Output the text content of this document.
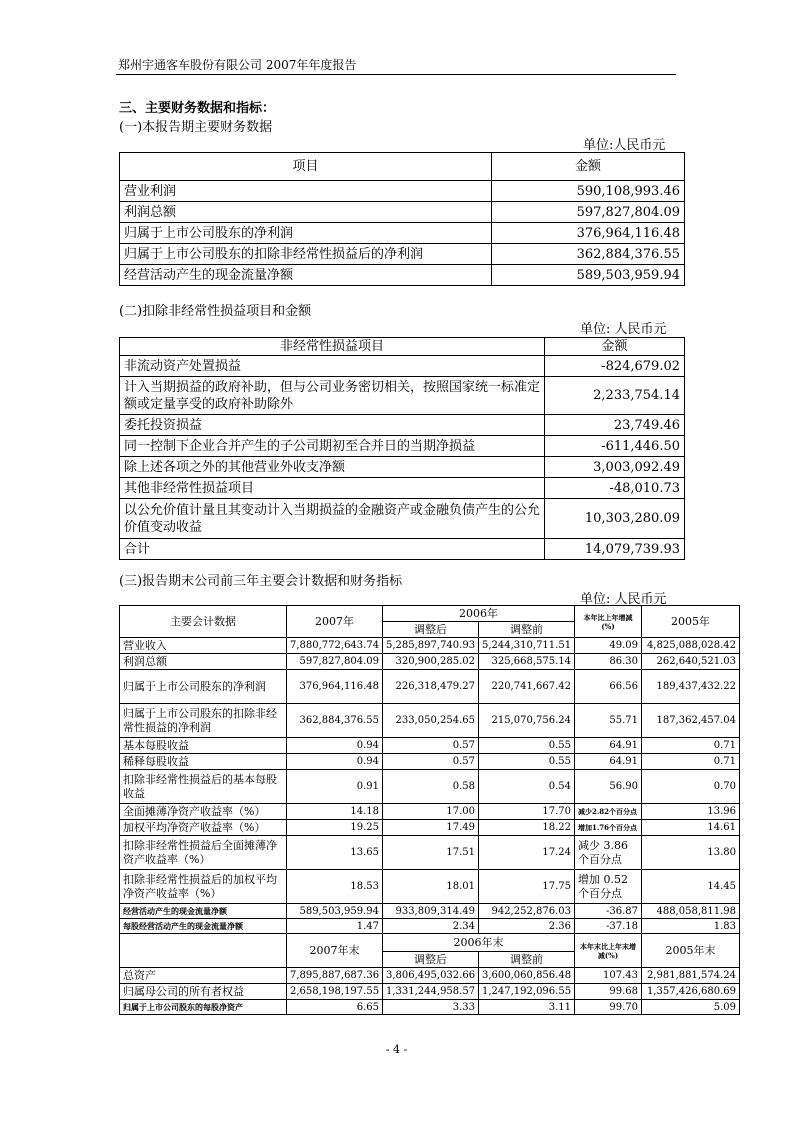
郑州宇通客车股份有限公司 2007年年度报告
三、主要财务数据和指标：
(一)本报告期主要财务数据
单位:人民币元
项目	金额
营业利润	590,108,993.46
利润总额	597,827,804.09
归属于上市公司股东的净利润	376,964,116.48
归属于上市公司股东的扣除非经常性损益后的净利润	362,884,376.55
经营活动产生的现金流量净额	589,503,959.94
(二)扣除非经常性损益项目和金额
单位: 人民币元
非经常性损益项目	金额
非流动资产处置损益	-824,679.02
计入当期损益的政府补助，但与公司业务密切相关，按照国家统一标准定额或定量享受的政府补助除外	2,233,754.14
委托投资损益	23,749.46
同一控制下企业合并产生的子公司期初至合并日的当期净损益	-611,446.50
除上述各项之外的其他营业外收支净额	3,003,092.49
其他非经常性损益项目	-48,010.73
以公允价值计量且其变动计入当期损益的金融资产或金融负债产生的公允价值变动收益	10,303,280.09
合计	14,079,739.93
(三)报告期末公司前三年主要会计数据和财务指标
单位: 人民币元
主要会计数据	2007年	2006年		本年比上年增减(%)	2005年
		调整后	调整前		
营业收入	7,880,772,643.74	5,285,897,740.93	5,244,310,711.51	49.09	4,825,088,028.42
利润总额	597,827,804.09	320,900,285.02	325,668,575.14	86.30	262,640,521.03
归属于上市公司股东的净利润	376,964,116.48	226,318,479.27	220,741,667.42	66.56	189,437,432.22
归属于上市公司股东的扣除非经常性损益的净利润	362,884,376.55	233,050,254.65	215,070,756.24	55.71	187,362,457.04
基本每股收益	0.94	0.57	0.55	64.91	0.71
稀释每股收益	0.94	0.57	0.55	64.91	0.71
扣除非经常性损益后的基本每股收益	0.91	0.58	0.54	56.90	0.70
全面摊薄净资产收益率（%）	14.18	17.00	17.70	减少2.82个百分点	13.96
加权平均净资产收益率（%）	19.25	17.49	18.22	增加1.76个百分点	14.61
扣除非经常性损益后全面摊薄净资产收益率（%）	13.65	17.51	17.24	减少 3.86 个百分点	13.80
扣除非经常性损益后的加权平均净资产收益率（%）	18.53	18.01	17.75	增加 0.52 个百分点	14.45
经营活动产生的现金流量净额	589,503,959.94	933,809,314.49	942,252,876.03	-36.87	488,058,811.98
每股经营活动产生的现金流量净额	1.47	2.34	2.36	-37.18	1.83
	2007年末	2006年末		本年末比上年末增减(%)	2005年末
		调整后	调整前		
总资产	7,895,887,687.36	3,806,495,032.66	3,600,060,856.48	107.43	2,981,881,574.24
归属母公司的所有者权益	2,658,198,197.55	1,331,244,958.57	1,247,192,096.55	99.68	1,357,426,680.69
归属于上市公司股东的每股净资产	6.65	3.33	3.11	99.70	5.09
- 4 -
